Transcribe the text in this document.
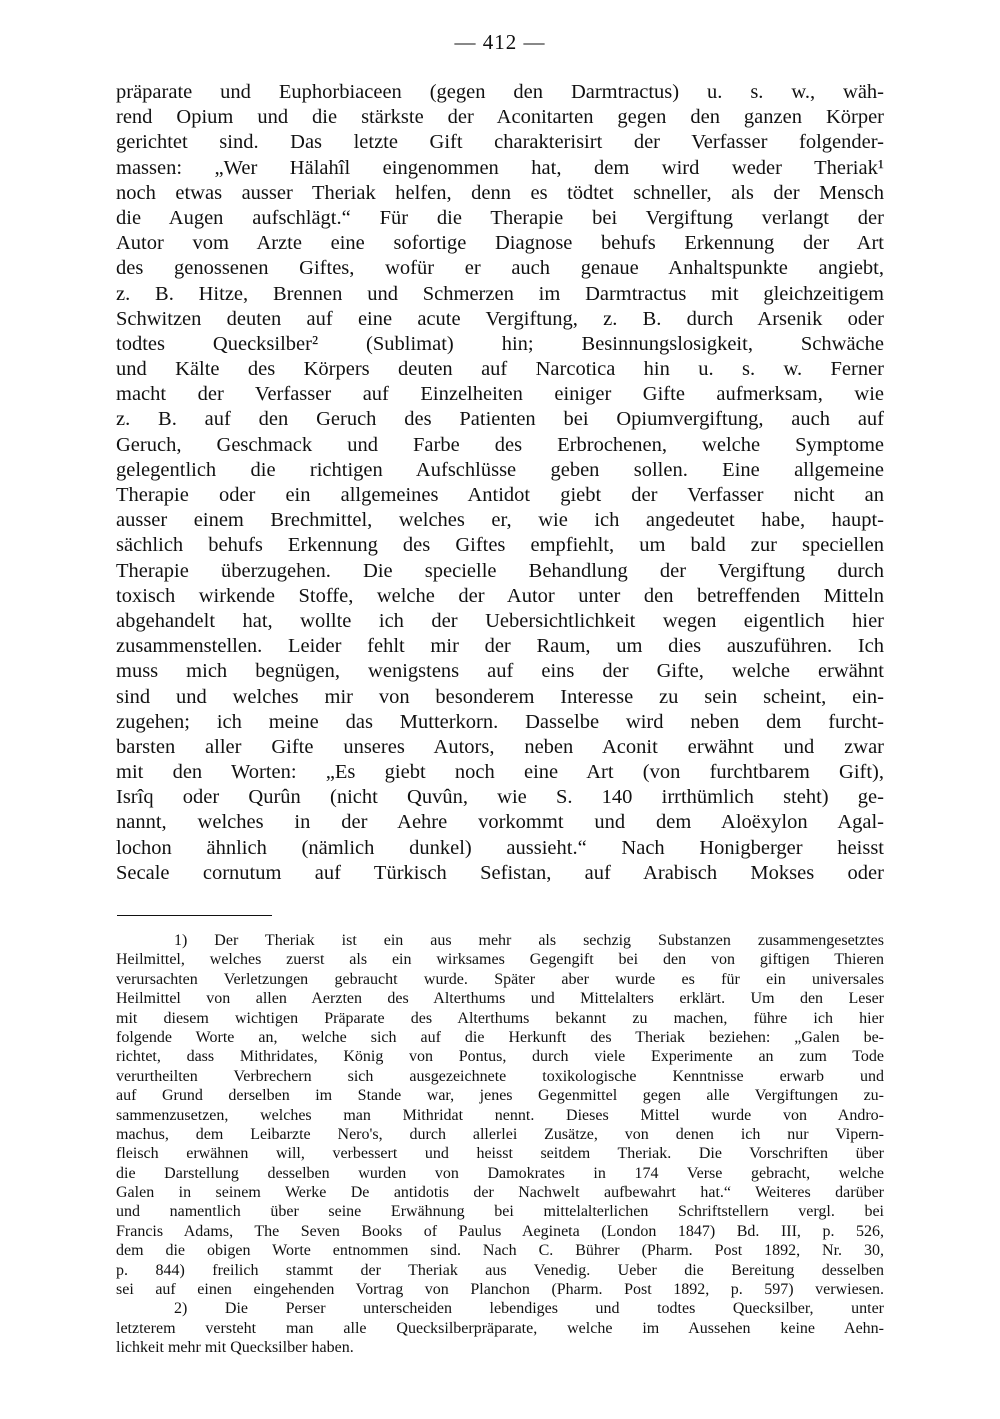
— 412 —
präparate und Euphorbiaceen (gegen den Darmtractus) u. s. w., wäh-
rend Opium und die stärkste der Aconitarten gegen den ganzen Körper
gerichtet sind. Das letzte Gift charakterisirt der Verfasser folgender-
massen: „Wer Hälahîl eingenommen hat, dem wird weder Theriak¹
noch etwas ausser Theriak helfen, denn es tödtet schneller, als der Mensch
die Augen aufschlägt.“ Für die Therapie bei Vergiftung verlangt der
Autor vom Arzte eine sofortige Diagnose behufs Erkennung der Art
des genossenen Giftes, wofür er auch genaue Anhaltspunkte angiebt,
z. B. Hitze, Brennen und Schmerzen im Darmtractus mit gleichzeitigem
Schwitzen deuten auf eine acute Vergiftung, z. B. durch Arsenik oder
todtes Quecksilber² (Sublimat) hin; Besinnungslosigkeit, Schwäche
und Kälte des Körpers deuten auf Narcotica hin u. s. w. Ferner
macht der Verfasser auf Einzelheiten einiger Gifte aufmerksam, wie
z. B. auf den Geruch des Patienten bei Opiumvergiftung, auch auf
Geruch, Geschmack und Farbe des Erbrochenen, welche Symptome
gelegentlich die richtigen Aufschlüsse geben sollen. Eine allgemeine
Therapie oder ein allgemeines Antidot giebt der Verfasser nicht an
ausser einem Brechmittel, welches er, wie ich angedeutet habe, haupt-
sächlich behufs Erkennung des Giftes empfiehlt, um bald zur speciellen
Therapie überzugehen. Die specielle Behandlung der Vergiftung durch
toxisch wirkende Stoffe, welche der Autor unter den betreffenden Mitteln
abgehandelt hat, wollte ich der Uebersichtlichkeit wegen eigentlich hier
zusammenstellen. Leider fehlt mir der Raum, um dies auszuführen. Ich
muss mich begnügen, wenigstens auf eins der Gifte, welche erwähnt
sind und welches mir von besonderem Interesse zu sein scheint, ein-
zugehen; ich meine das Mutterkorn. Dasselbe wird neben dem furcht-
barsten aller Gifte unseres Autors, neben Aconit erwähnt und zwar
mit den Worten: „Es giebt noch eine Art (von furchtbarem Gift),
Isrîq oder Qurûn (nicht Quvûn, wie S. 140 irrthümlich steht) ge-
nannt, welches in der Aehre vorkommt und dem Aloëxylon Agal-
lochon ähnlich (nämlich dunkel) aussieht.“ Nach Honigberger heisst
Secale cornutum auf Türkisch Sefistan, auf Arabisch Mokses oder
1) Der Theriak ist ein aus mehr als sechzig Substanzen zusammengesetztes
Heilmittel, welches zuerst als ein wirksames Gegengift bei den von giftigen Thieren
verursachten Verletzungen gebraucht wurde. Später aber wurde es für ein universales
Heilmittel von allen Aerzten des Alterthums und Mittelalters erklärt. Um den Leser
mit diesem wichtigen Präparate des Alterthums bekannt zu machen, führe ich hier
folgende Worte an, welche sich auf die Herkunft des Theriak beziehen: „Galen be-
richtet, dass Mithridates, König von Pontus, durch viele Experimente an zum Tode
verurtheilten Verbrechern sich ausgezeichnete toxikologische Kenntnisse erwarb und
auf Grund derselben im Stande war, jenes Gegenmittel gegen alle Vergiftungen zu-
sammenzusetzen, welches man Mithridat nennt. Dieses Mittel wurde von Andro-
machus, dem Leibarzte Nero's, durch allerlei Zusätze, von denen ich nur Vipern-
fleisch erwähnen will, verbessert und heisst seitdem Theriak. Die Vorschriften über
die Darstellung desselben wurden von Damokrates in 174 Verse gebracht, welche
Galen in seinem Werke De antidotis der Nachwelt aufbewahrt hat.“ Weiteres darüber
und namentlich über seine Erwähnung bei mittelalterlichen Schriftstellern vergl. bei
Francis Adams, The Seven Books of Paulus Aegineta (London 1847) Bd. III, p. 526,
dem die obigen Worte entnommen sind. Nach C. Bührer (Pharm. Post 1892, Nr. 30,
p. 844) freilich stammt der Theriak aus Venedig. Ueber die Bereitung desselben
sei auf einen eingehenden Vortrag von Planchon (Pharm. Post 1892, p. 597) verwiesen.
2) Die Perser unterscheiden lebendiges und todtes Quecksilber, unter
letzterem versteht man alle Quecksilberpräparate, welche im Aussehen keine Aehn-
lichkeit mehr mit Quecksilber haben.
